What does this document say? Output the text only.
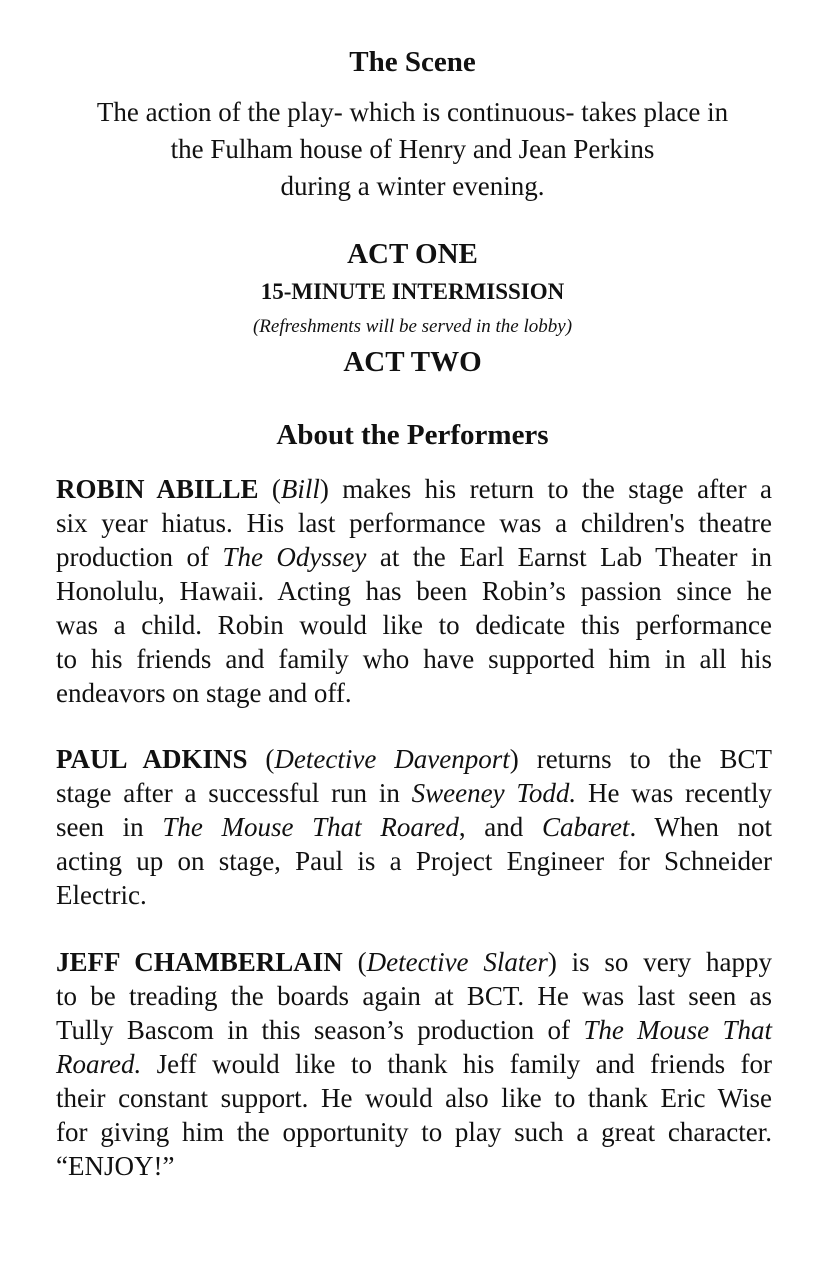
The Scene
The action of the play- which is continuous- takes place in
the Fulham house of Henry and Jean Perkins
during a winter evening.
ACT ONE
15-MINUTE INTERMISSION
(Refreshments will be served in the lobby)
ACT TWO
About the Performers
ROBIN ABILLE (Bill) makes his return to the stage after a
six year hiatus. His last performance was a children's theatre
production of The Odyssey at the Earl Earnst Lab Theater in
Honolulu, Hawaii. Acting has been Robin’s passion since he
was a child. Robin would like to dedicate this performance
to his friends and family who have supported him in all his
endeavors on stage and off.
PAUL ADKINS (Detective Davenport) returns to the BCT
stage after a successful run in Sweeney Todd. He was recently
seen in The Mouse That Roared, and Cabaret. When not
acting up on stage, Paul is a Project Engineer for Schneider
Electric.
JEFF CHAMBERLAIN (Detective Slater) is so very happy
to be treading the boards again at BCT. He was last seen as
Tully Bascom in this season’s production of The Mouse That
Roared. Jeff would like to thank his family and friends for
their constant support. He would also like to thank Eric Wise
for giving him the opportunity to play such a great character.
“ENJOY!”
